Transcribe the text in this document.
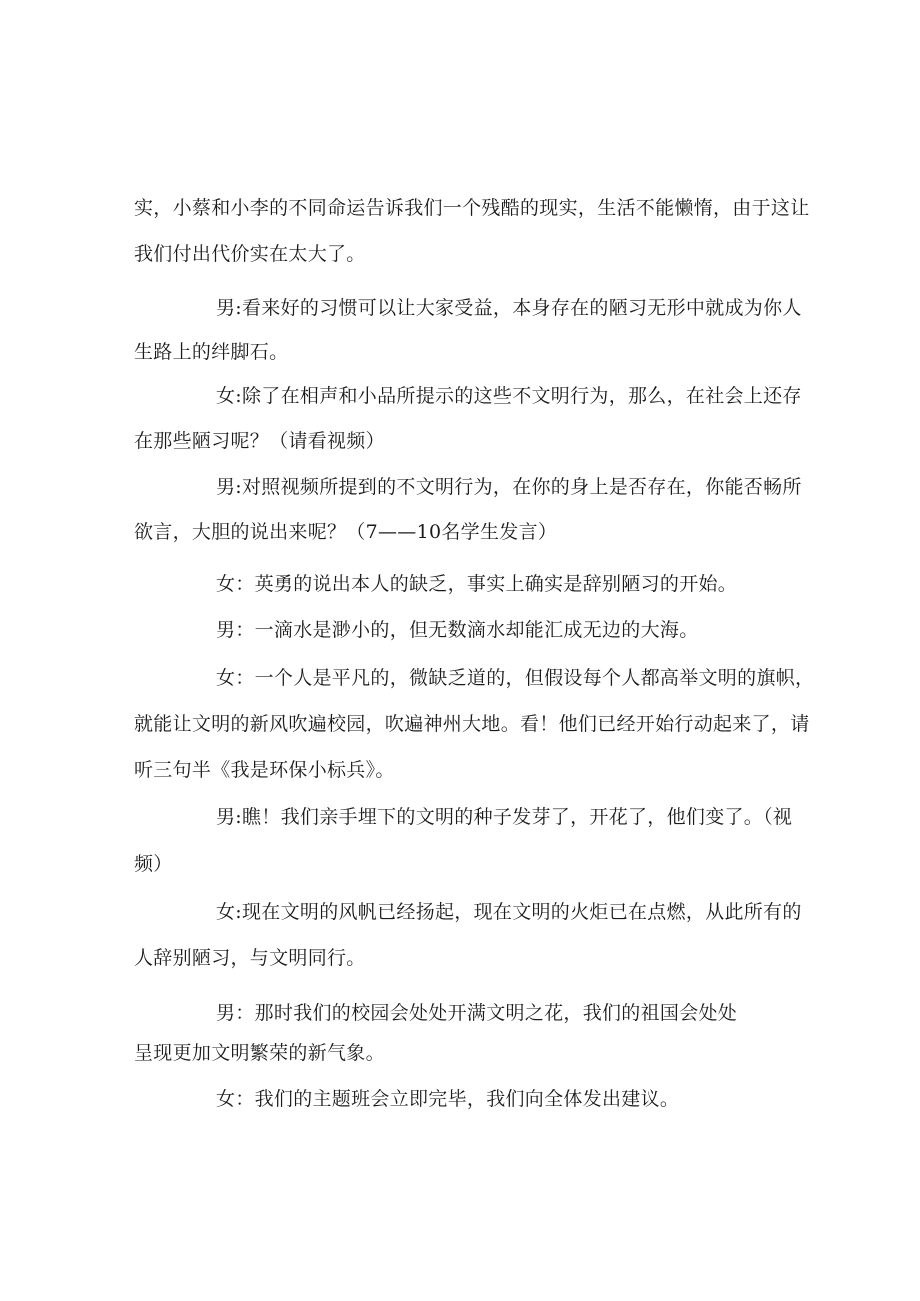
实，小蔡和小李的不同命运告诉我们一个残酷的现实，生活不能懒惰，由于这让
我们付出代价实在太大了。
男:看来好的习惯可以让大家受益，本身存在的陋习无形中就成为你人
生路上的绊脚石。
女:除了在相声和小品所提示的这些不文明行为，那么，在社会上还存
在那些陋习呢？（请看视频）
男:对照视频所提到的不文明行为，在你的身上是否存在，你能否畅所
欲言，大胆的说出来呢？（7——10名学生发言）
女：英勇的说出本人的缺乏，事实上确实是辞别陋习的开始。
男：一滴水是渺小的，但无数滴水却能汇成无边的大海。
女：一个人是平凡的，微缺乏道的，但假设每个人都高举文明的旗帜，
就能让文明的新风吹遍校园，吹遍神州大地。看！他们已经开始行动起来了，请
听三句半《我是环保小标兵》。
男:瞧！我们亲手埋下的文明的种子发芽了，开花了，他们变了。（视
频）
女:现在文明的风帆已经扬起，现在文明的火炬已在点燃，从此所有的
人辞别陋习，与文明同行。
男：那时我们的校园会处处开满文明之花，我们的祖国会处处
呈现更加文明繁荣的新气象。
女：我们的主题班会立即完毕，我们向全体发出建议。
